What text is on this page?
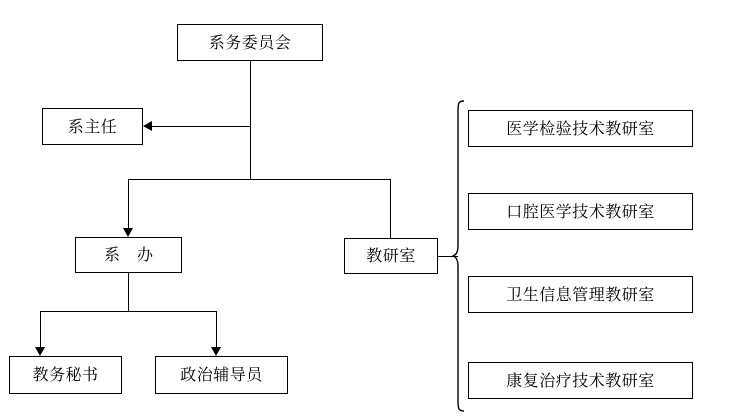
系务委员会
系主任
系 办	教研室
教务秘书	政治辅导员
医学检验技术教研室
口腔医学技术教研室
卫生信息管理教研室
康复治疗技术教研室
